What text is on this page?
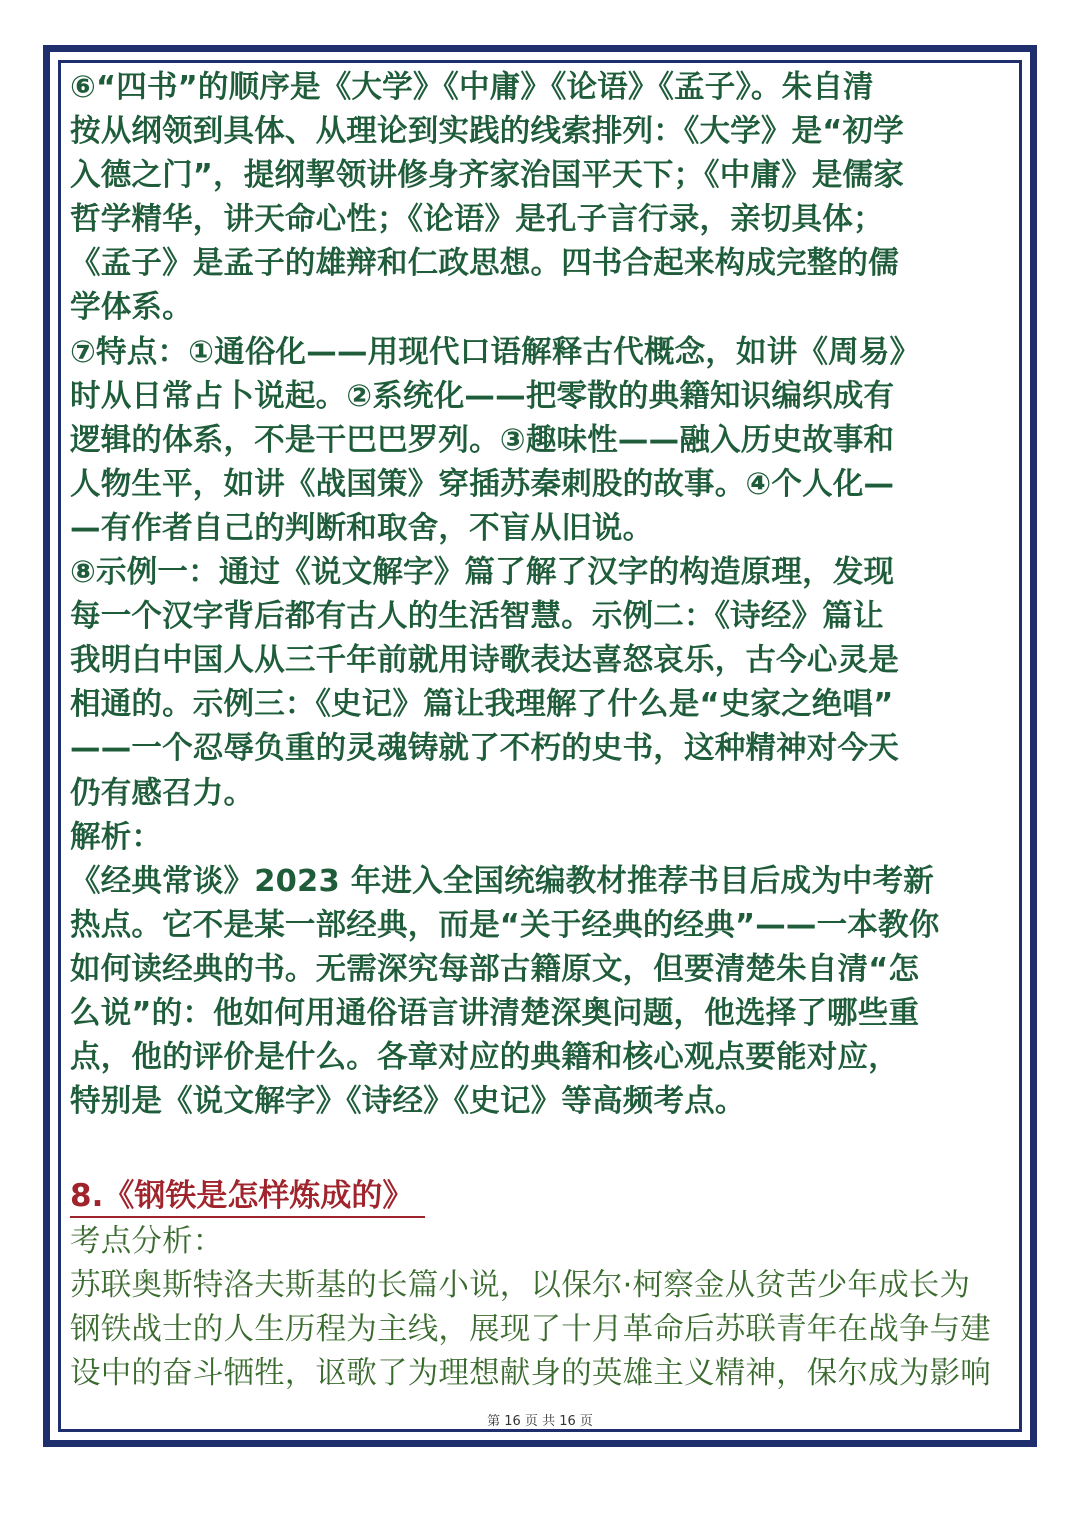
⑥“四书”的顺序是《大学》《中庸》《论语》《孟子》。朱自清
按从纲领到具体、从理论到实践的线索排列：《大学》是“初学
入德之门”，提纲挈领讲修身齐家治国平天下；《中庸》是儒家
哲学精华，讲天命心性；《论语》是孔子言行录，亲切具体；
《孟子》是孟子的雄辩和仁政思想。四书合起来构成完整的儒
学体系。
⑦特点：①通俗化——用现代口语解释古代概念，如讲《周易》
时从日常占卜说起。②系统化——把零散的典籍知识编织成有
逻辑的体系，不是干巴巴罗列。③趣味性——融入历史故事和
人物生平，如讲《战国策》穿插苏秦刺股的故事。④个人化—
—有作者自己的判断和取舍，不盲从旧说。
⑧示例一：通过《说文解字》篇了解了汉字的构造原理，发现
每一个汉字背后都有古人的生活智慧。示例二：《诗经》篇让
我明白中国人从三千年前就用诗歌表达喜怒哀乐，古今心灵是
相通的。示例三：《史记》篇让我理解了什么是“史家之绝唱”
——一个忍辱负重的灵魂铸就了不朽的史书，这种精神对今天
仍有感召力。
解析：
《经典常谈》2023 年进入全国统编教材推荐书目后成为中考新
热点。它不是某一部经典，而是“关于经典的经典”——一本教你
如何读经典的书。无需深究每部古籍原文，但要清楚朱自清“怎
么说”的：他如何用通俗语言讲清楚深奥问题，他选择了哪些重
点，他的评价是什么。各章对应的典籍和核心观点要能对应，
特别是《说文解字》《诗经》《史记》等高频考点。
8.《钢铁是怎样炼成的》
考点分析：
苏联奥斯特洛夫斯基的长篇小说，以保尔·柯察金从贫苦少年成长为
钢铁战士的人生历程为主线，展现了十月革命后苏联青年在战争与建
设中的奋斗牺牲，讴歌了为理想献身的英雄主义精神，保尔成为影响
第 16 页 共 16 页
